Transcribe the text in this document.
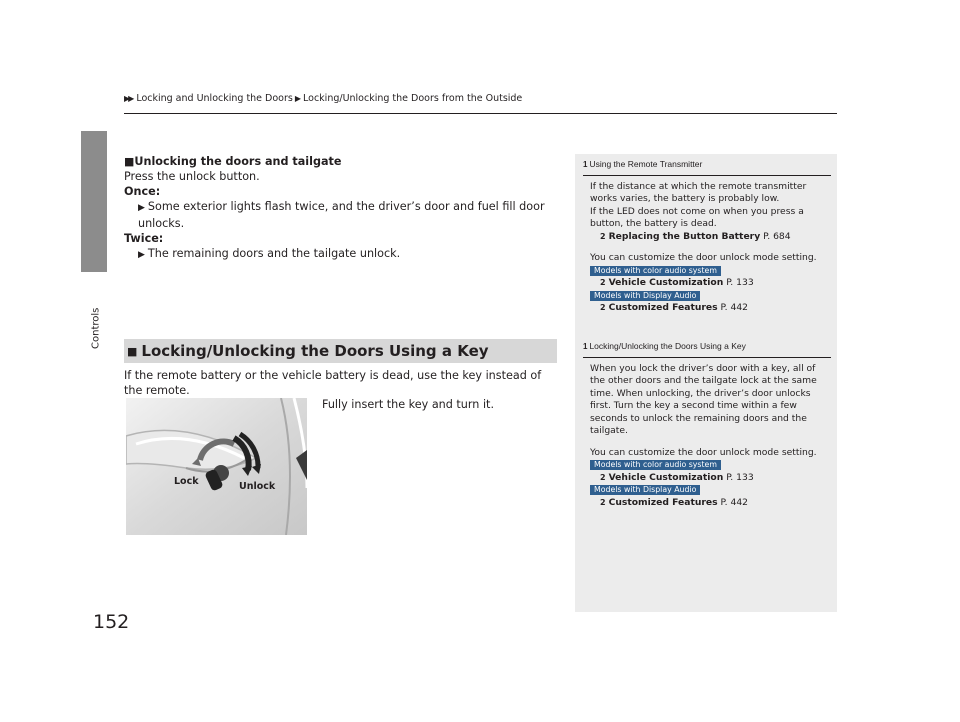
Controls
152
▶▶ Locking and Unlocking the Doors ▶ Locking/Unlocking the Doors from the Outside
■Unlocking the doors and tailgate
Press the unlock button.
Once:
▶ Some exterior lights flash twice, and the driver’s door and fuel fill door unlocks.
Twice:
▶ The remaining doors and the tailgate unlock.
■ Locking/Unlocking the Doors Using a Key
If the remote battery or the vehicle battery is dead, use the key instead of the remote.
Fully insert the key and turn it.
Lock	Unlock
1 Using the Remote Transmitter

If the distance at which the remote transmitter works varies, the battery is probably low.

If the LED does not come on when you press a button, the battery is dead.

2 Replacing the Button Battery P. 684

You can customize the door unlock mode setting.

Models with color audio system
2 Vehicle Customization P. 133
Models with Display Audio
2 Customized Features P. 442
1 Locking/Unlocking the Doors Using a Key

When you lock the driver’s door with a key, all of the other doors and the tailgate lock at the same time. When unlocking, the driver’s door unlocks first. Turn the key a second time within a few seconds to unlock the remaining doors and the tailgate.

You can customize the door unlock mode setting.

Models with color audio system
2 Vehicle Customization P. 133
Models with Display Audio
2 Customized Features P. 442
